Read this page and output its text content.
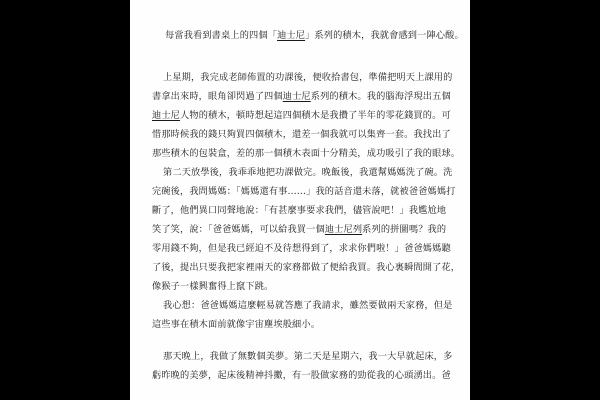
每當我看到書桌上的四個「迪士尼」系列的積木，我就會感到一陣心酸。

上星期，我完成老師佈置的功課後，便收拾書包，準備把明天上課用的
書拿出來時，眼角卻閃過了四個迪士尼系列的積木。我的腦海浮現出五個
迪士尼人物的積木，頓時想起這四個積木是我攢了半年的零花錢買的。可
惜那時候我的錢只夠買四個積木，還差一個我就可以集齊一套。我找出了
那些積木的包裝盒，差的那一個積木表面十分精美，成功吸引了我的眼球。

第二天放學後，我乖乖地把功課做完。晚飯後，我還幫媽媽洗了碗。洗
完碗後，我問媽媽：「媽媽還有事……」我的話音還未落，就被爸爸媽媽打
斷了，他們異口同聲地說：「有甚麼事要求我們，儘管說吧！」我尷尬地
笑了笑，說：「爸爸媽媽，可以給我買一個迪士尼列系列的拼圖嗎？我的
零用錢不夠，但是我已經迫不及待想得到了，求求你們啦！」爸爸媽媽聽
了後，提出只要我把家裡兩天的家務都做了便給我買。我心裏瞬間開了花，
像猴子一樣興奮得上竄下跳。

我心想：爸爸媽媽這麼輕易就答應了我請求，雖然要做兩天家務，但是
這些事在積木面前就像宇宙塵埃般細小。

那天晚上，我做了無數個美夢。第二天是星期六，我一大早就起床，多
虧昨晚的美夢，起床後精神抖擻，有一股做家務的勁從我的心頭湧出。爸
